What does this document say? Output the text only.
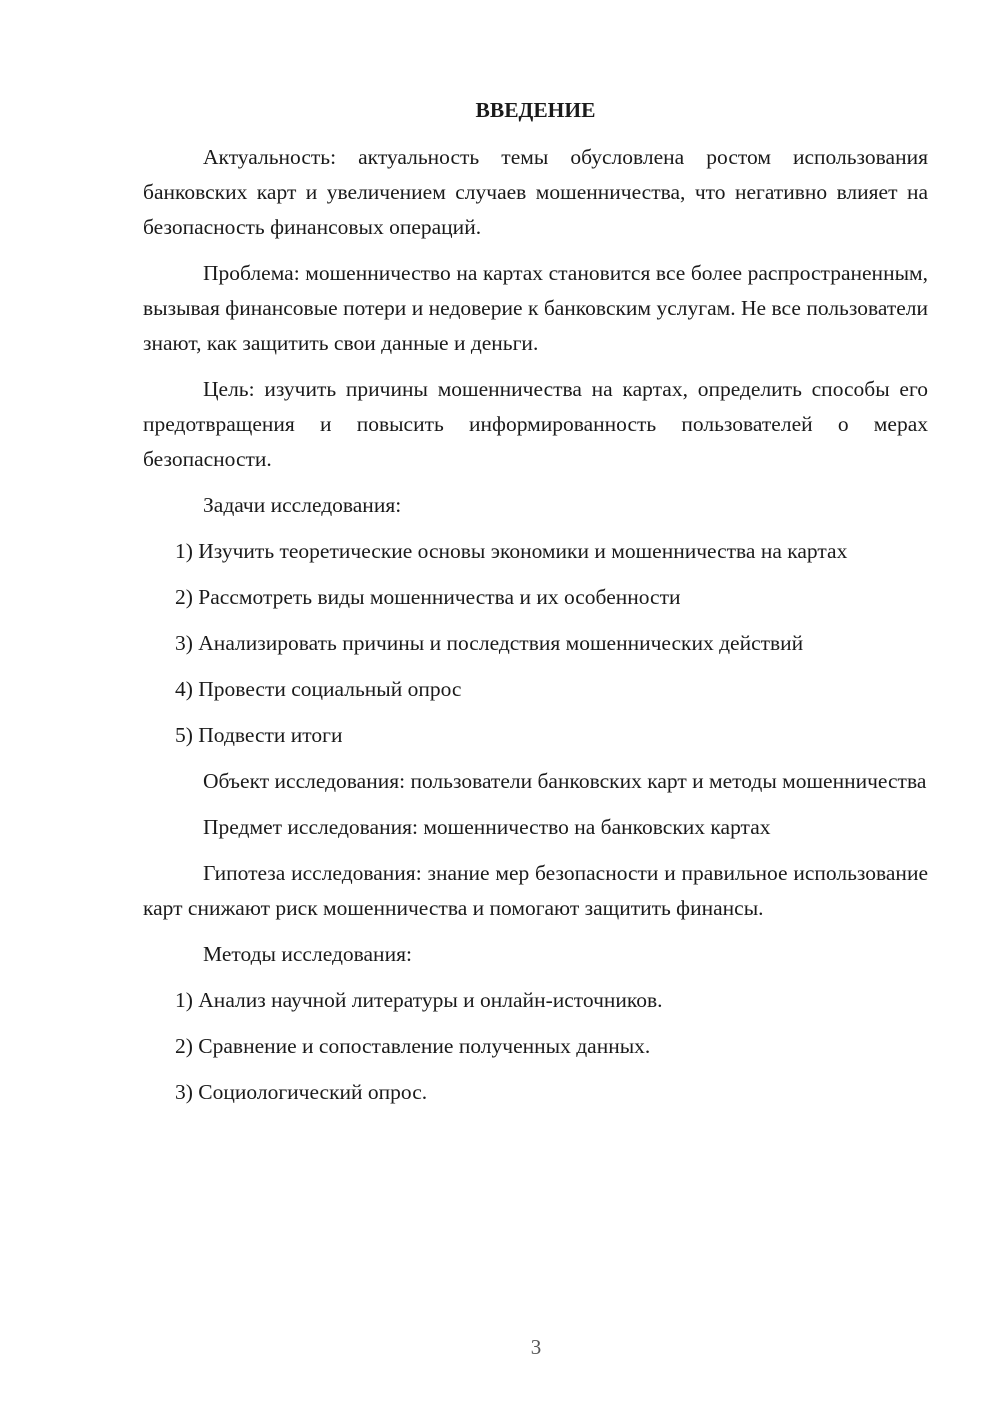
ВВЕДЕНИЕ

Актуальность: актуальность темы обусловлена ростом использования банковских карт и увеличением случаев мошенничества, что негативно влияет на безопасность финансовых операций.

Проблема: мошенничество на картах становится все более распространенным, вызывая финансовые потери и недоверие к банковским услугам. Не все пользователи знают, как защитить свои данные и деньги.

Цель: изучить причины мошенничества на картах, определить способы его предотвращения и повысить информированность пользователей о мерах безопасности.

Задачи исследования:

1) Изучить теоретические основы экономики и мошенничества на картах

2) Рассмотреть виды мошенничества и их особенности

3) Анализировать причины и последствия мошеннических действий

4) Провести социальный опрос

5) Подвести итоги

Объект исследования: пользователи банковских карт и методы мошенничества

Предмет исследования: мошенничество на банковских картах

Гипотеза исследования: знание мер безопасности и правильное использование карт снижают риск мошенничества и помогают защитить финансы.

Методы исследования:

1) Анализ научной литературы и онлайн-источников.

2) Сравнение и сопоставление полученных данных.

3) Социологический опрос.

3
